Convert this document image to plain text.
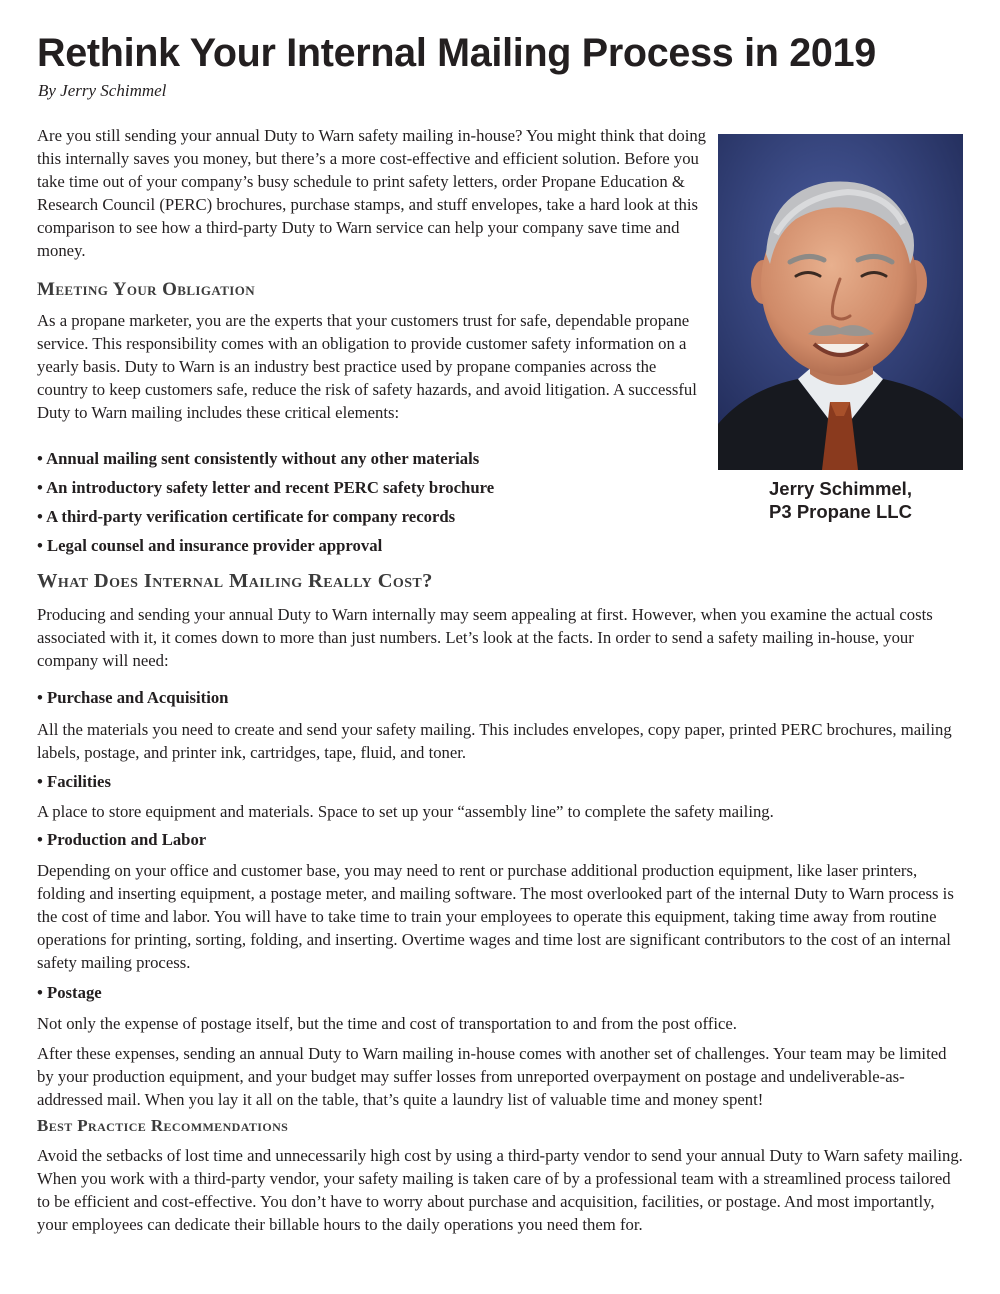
Rethink Your Internal Mailing Process in 2019

By Jerry Schimmel

Are you still sending your annual Duty to Warn safety mailing in-house? You might think that doing this internally saves you money, but there’s a more cost-effective and efficient solution. Before you take time out of your company’s busy schedule to print safety letters, order Propane Education & Research Council (PERC) brochures, purchase stamps, and stuff envelopes, take a hard look at this comparison to see how a third-party Duty to Warn service can help your company save time and money.

Jerry Schimmel,
P3 Propane LLC

Meeting Your Obligation

As a propane marketer, you are the experts that your customers trust for safe, dependable propane service. This responsibility comes with an obligation to provide customer safety information on a yearly basis. Duty to Warn is an industry best practice used by propane companies across the country to keep customers safe, reduce the risk of safety hazards, and avoid litigation. A successful Duty to Warn mailing includes these critical elements:

• Annual mailing sent consistently without any other materials
• An introductory safety letter and recent PERC safety brochure
• A third-party verification certificate for company records
• Legal counsel and insurance provider approval
What Does Internal Mailing Really Cost?

Producing and sending your annual Duty to Warn internally may seem appealing at first. However, when you examine the actual costs associated with it, it comes down to more than just numbers. Let’s look at the facts. In order to send a safety mailing in-house, your company will need:

• Purchase and Acquisition

All the materials you need to create and send your safety mailing. This includes envelopes, copy paper, printed PERC brochures, mailing labels, postage, and printer ink, cartridges, tape, fluid, and toner.

• Facilities

A place to store equipment and materials. Space to set up your “assembly line” to complete the safety mailing.

• Production and Labor

Depending on your office and customer base, you may need to rent or purchase additional production equipment, like laser printers, folding and inserting equipment, a postage meter, and mailing software. The most overlooked part of the internal Duty to Warn process is the cost of time and labor. You will have to take time to train your employees to operate this equipment, taking time away from routine operations for printing, sorting, folding, and inserting. Overtime wages and time lost are significant contributors to the cost of an internal safety mailing process.

• Postage

Not only the expense of postage itself, but the time and cost of transportation to and from the post office.

After these expenses, sending an annual Duty to Warn mailing in-house comes with another set of challenges. Your team may be limited by your production equipment, and your budget may suffer losses from unreported overpayment on postage and undeliverable-as-addressed mail. When you lay it all on the table, that’s quite a laundry list of valuable time and money spent!

Best Practice Recommendations

Avoid the setbacks of lost time and unnecessarily high cost by using a third-party vendor to send your annual Duty to Warn safety mailing. When you work with a third-party vendor, your safety mailing is taken care of by a professional team with a streamlined process tailored to be efficient and cost-effective. You don’t have to worry about purchase and acquisition, facilities, or postage. And most importantly, your employees can dedicate their billable hours to the daily operations you need them for.
